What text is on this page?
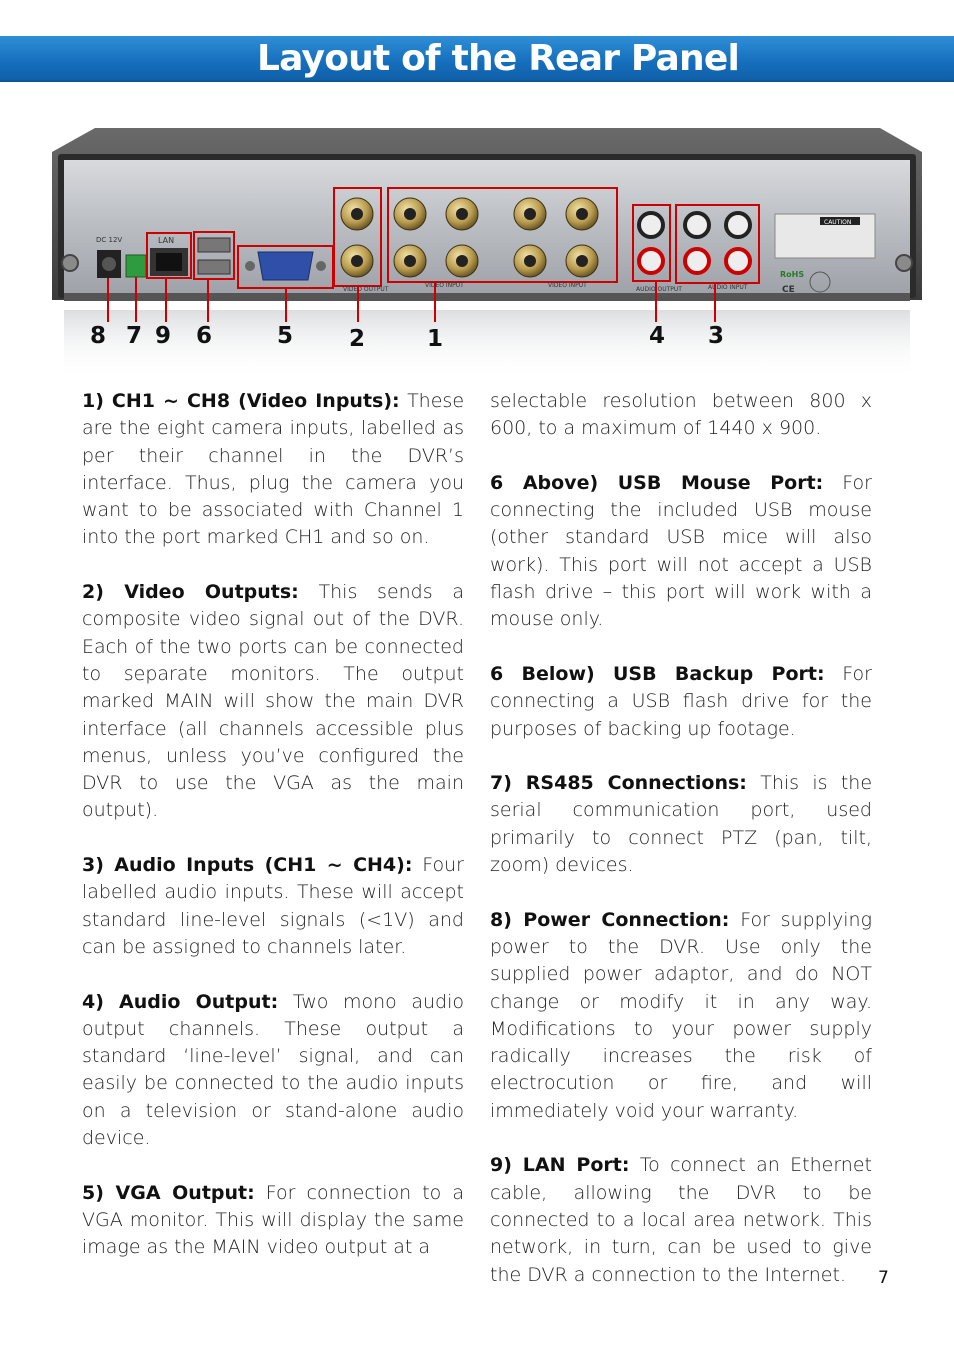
Layout of the Rear Panel
DC 12V	LAN
VIDEO OUTPUT
VIDEO INPUT	VIDEO INPUT
AUDIO OUTPUT	AUDIO INPUT
CAUTION
RoHS
CE
8 7 9 6	5 2	1	4 3

1) CH1 ~ CH8 (Video Inputs): These are the eight camera inputs, labelled as per their channel in the DVR’s interface. Thus, plug the camera you want to be associated with Channel 1 into the port marked CH1 and so on.

2) Video Outputs: This sends a composite video signal out of the DVR. Each of the two ports can be connected to separate monitors. The output marked MAIN will show the main DVR interface (all channels accessible plus menus, unless you’ve configured the DVR to use the VGA as the main output).

3) Audio Inputs (CH1 ~ CH4): Four labelled audio inputs. These will accept standard line-level signals (<1V) and can be assigned to channels later.

4) Audio Output: Two mono audio output channels. These output a standard ‘line-level’ signal, and can easily be connected to the audio inputs on a television or stand-alone audio device.

5) VGA Output: For connection to a VGA monitor. This will display the same image as the MAIN video output at a

selectable resolution between 800 x 600, to a maximum of 1440 x 900.

6 Above) USB Mouse Port: For connecting the included USB mouse (other standard USB mice will also work). This port will not accept a USB flash drive – this port will work with a mouse only.

6 Below) USB Backup Port: For connecting a USB flash drive for the purposes of backing up footage.

7) RS485 Connections: This is the serial communication port, used primarily to connect PTZ (pan, tilt, zoom) devices.

8) Power Connection: For supplying power to the DVR. Use only the supplied power adaptor, and do NOT change or modify it in any way. Modifications to your power supply radically increases the risk of electrocution or fire, and will immediately void your warranty.

9) LAN Port: To connect an Ethernet cable, allowing the DVR to be connected to a local area network. This network, in turn, can be used to give the DVR a connection to the Internet.	7
